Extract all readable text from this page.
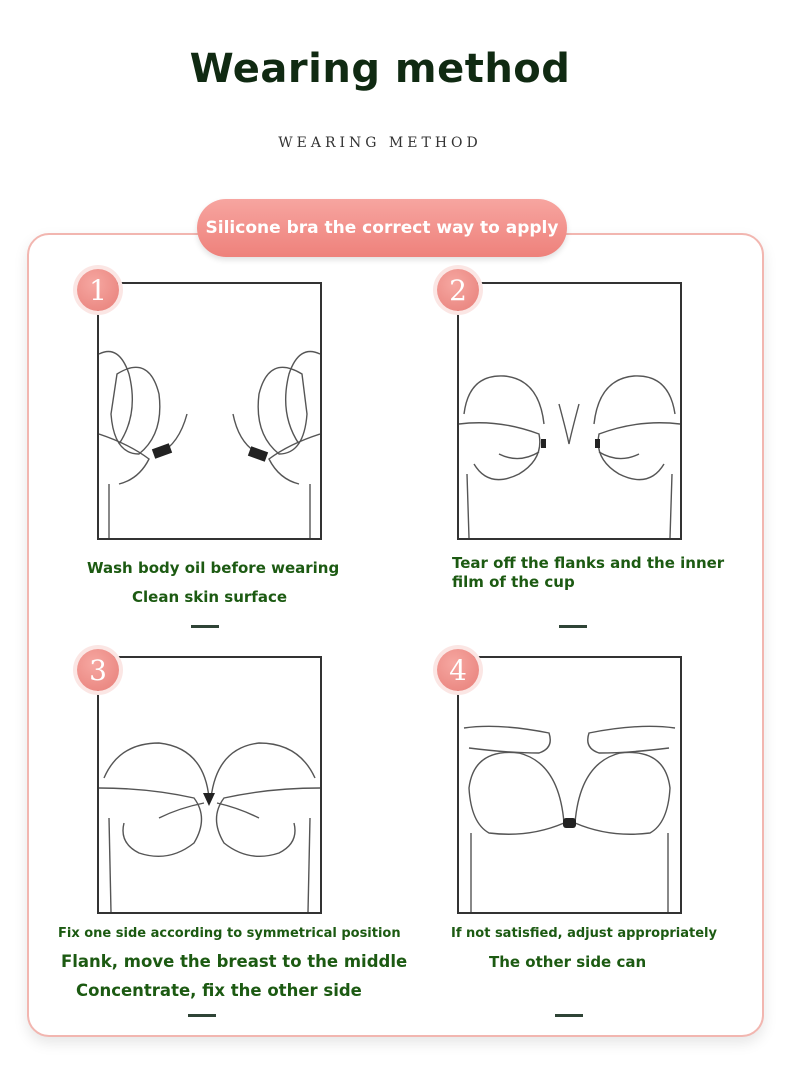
Wearing method
WEARING METHOD
Silicone bra the correct way to apply
1
Wash body oil before wearing
Clean skin surface
2
Tear off the flanks and the inner
film of the cup
3
Fix one side according to symmetrical position
Flank, move the breast to the middle
Concentrate, fix the other side
4
If not satisfied, adjust appropriately
The other side can
